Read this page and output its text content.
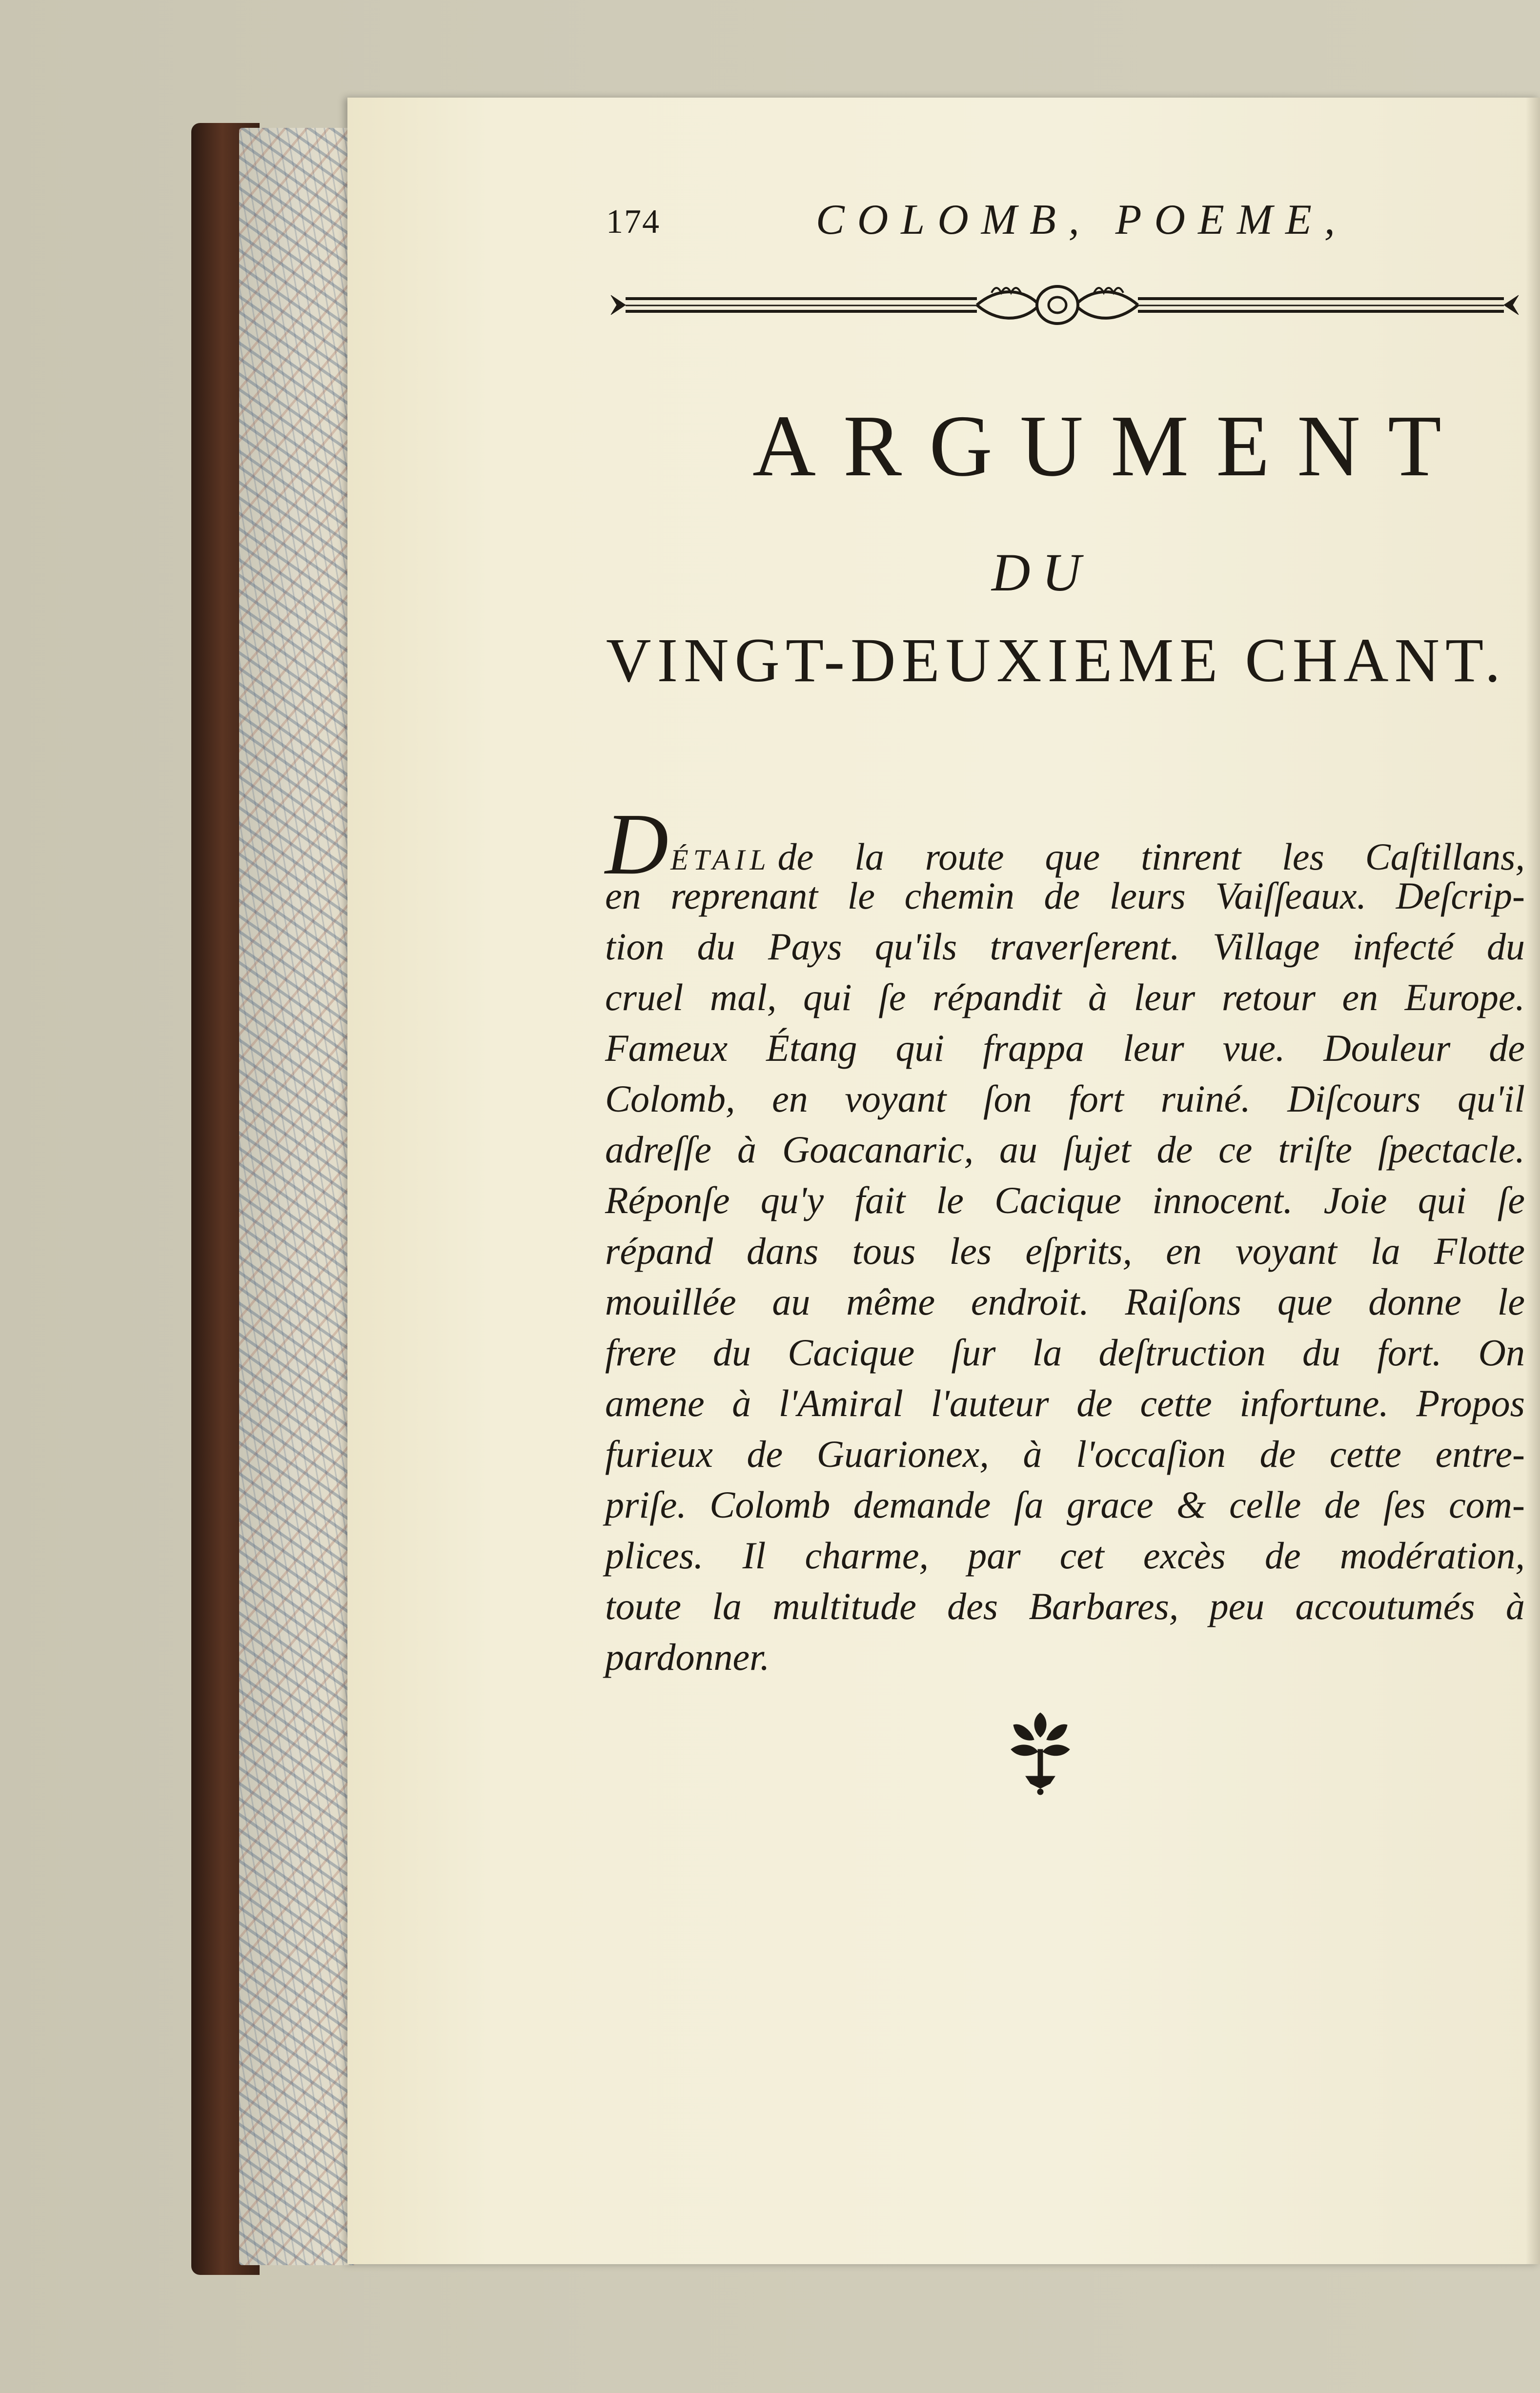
174	COLOMB, POEME,
ARGUMENT
DU
VINGT-DEUXIEME CHANT.
DÉTAIL de la route que tinrent les Caſtillans,
en reprenant le chemin de leurs Vaiſſeaux. Deſcrip-
tion du Pays qu'ils traverſerent. Village infecté du
cruel mal, qui ſe répandit à leur retour en Europe.
Fameux Étang qui frappa leur vue. Douleur de
Colomb, en voyant ſon fort ruiné. Diſcours qu'il
adreſſe à Goacanaric, au ſujet de ce triſte ſpectacle.
Réponſe qu'y fait le Cacique innocent. Joie qui ſe
répand dans tous les eſprits, en voyant la Flotte
mouillée au même endroit. Raiſons que donne le
frere du Cacique ſur la deſtruction du fort. On
amene à l'Amiral l'auteur de cette infortune. Propos
furieux de Guarionex, à l'occaſion de cette entre-
priſe. Colomb demande ſa grace & celle de ſes com-
plices. Il charme, par cet excès de modération,
toute la multitude des Barbares, peu accoutumés à
pardonner.
